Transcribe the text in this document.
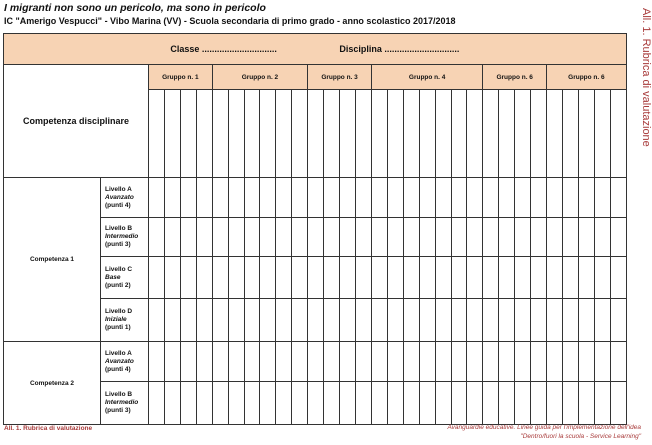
I migranti non sono un pericolo, ma sono in pericolo
IC "Amerigo Vespucci" - Vibo Marina (VV) - Scuola secondaria di primo grado - anno scolastico 2017/2018	All. 1. Rubrica di valutazione
Classe .............................. Disciplina ..............................																															
Competenza disciplinare		Gruppo n. 1				Gruppo n. 2						Gruppo n. 3				Gruppo n. 4							Gruppo n. 6				Gruppo n. 6				

Competenza 1	Livello A
Avanzato
(punti 4)																														

	Livello B
Intermedio
(punti 3)																														

	Livello C
Base
(punti 2)																														

	Livello D
Iniziale
(punti 1)																														

Competenza 2	Livello A
Avanzato
(punti 4)																														

	Livello B
Intermedio
(punti 3)																														

All. 1. Rubrica di valutazione	Avanguardie educative. Linee guida per l'implementazione dell'idea
"Dentro/fuori la scuola - Service Learning"
